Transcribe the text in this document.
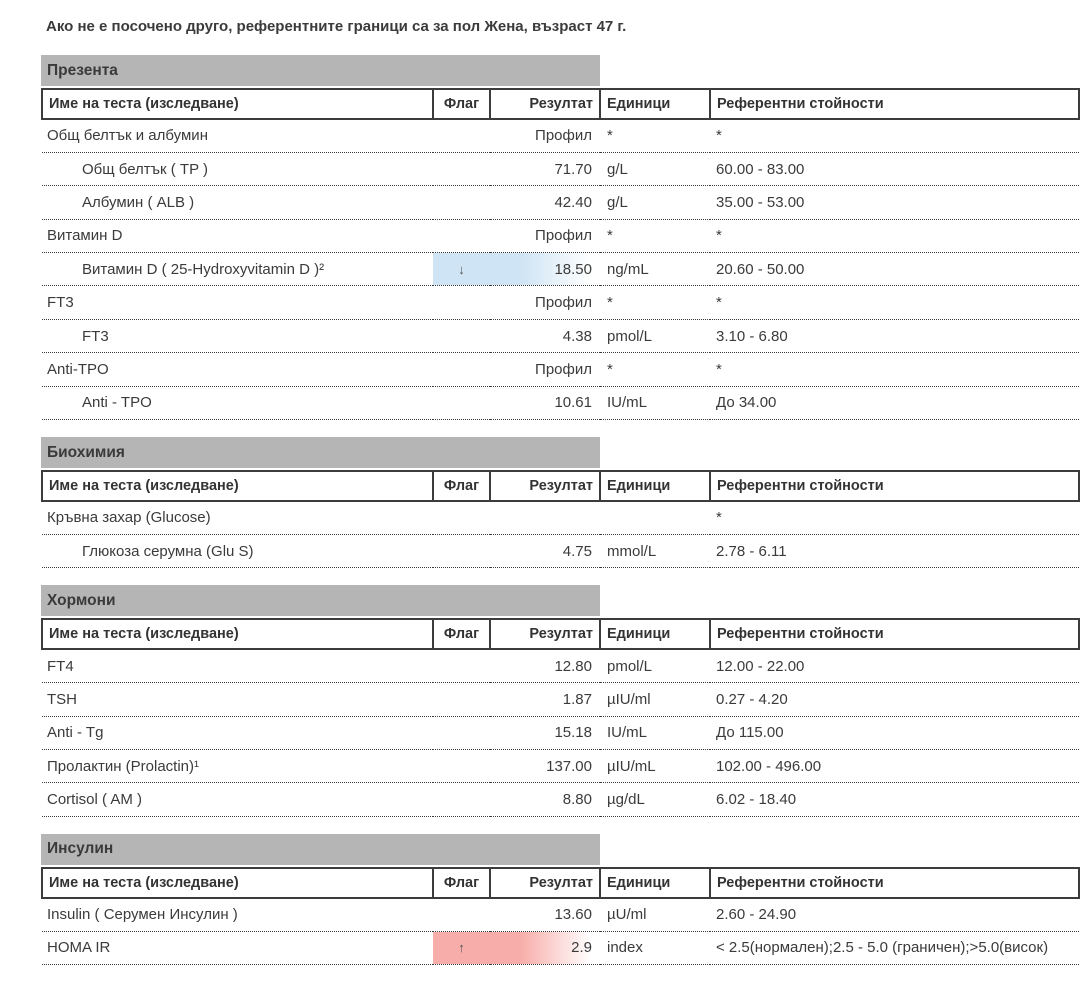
Ако не е посочено друго, референтните граници са за пол Жена, възраст 47 г.
Презента
Име на теста (изследване)	Флаг	Резултат	Единици	Референтни стойности
Общ белтък и албумин		Профил	*	*
Общ белтък ( TP )		71.70	g/L	60.00 - 83.00
Албумин ( ALB )		42.40	g/L	35.00 - 53.00
Витамин D		Профил	*	*
Витамин D ( 25-Hydroxyvitamin D )²	↓	18.50	ng/mL	20.60 - 50.00
FT3		Профил	*	*
FT3		4.38	pmol/L	3.10 - 6.80
Anti-TPO		Профил	*	*
Anti - TPO		10.61	IU/mL	До 34.00
Биохимия
Име на теста (изследване)	Флаг	Резултат	Единици	Референтни стойности
Кръвна захар (Glucose)				*
Глюкоза серумна (Glu S)		4.75	mmol/L	2.78 - 6.11
Хормони
Име на теста (изследване)	Флаг	Резултат	Единици	Референтни стойности
FT4		12.80	pmol/L	12.00 - 22.00
TSH		1.87	µIU/ml	0.27 - 4.20
Anti - Tg		15.18	IU/mL	До 115.00
Пролактин (Prolactin)¹		137.00	µIU/mL	102.00 - 496.00
Cortisol ( AM )		8.80	µg/dL	6.02 - 18.40
Инсулин
Име на теста (изследване)	Флаг	Резултат	Единици	Референтни стойности
Insulin ( Серумен Инсулин )		13.60	µU/ml	2.60 - 24.90
HOMA IR	↑	2.9	index	< 2.5(нормален);2.5 - 5.0 (граничен);>5.0(висок)
